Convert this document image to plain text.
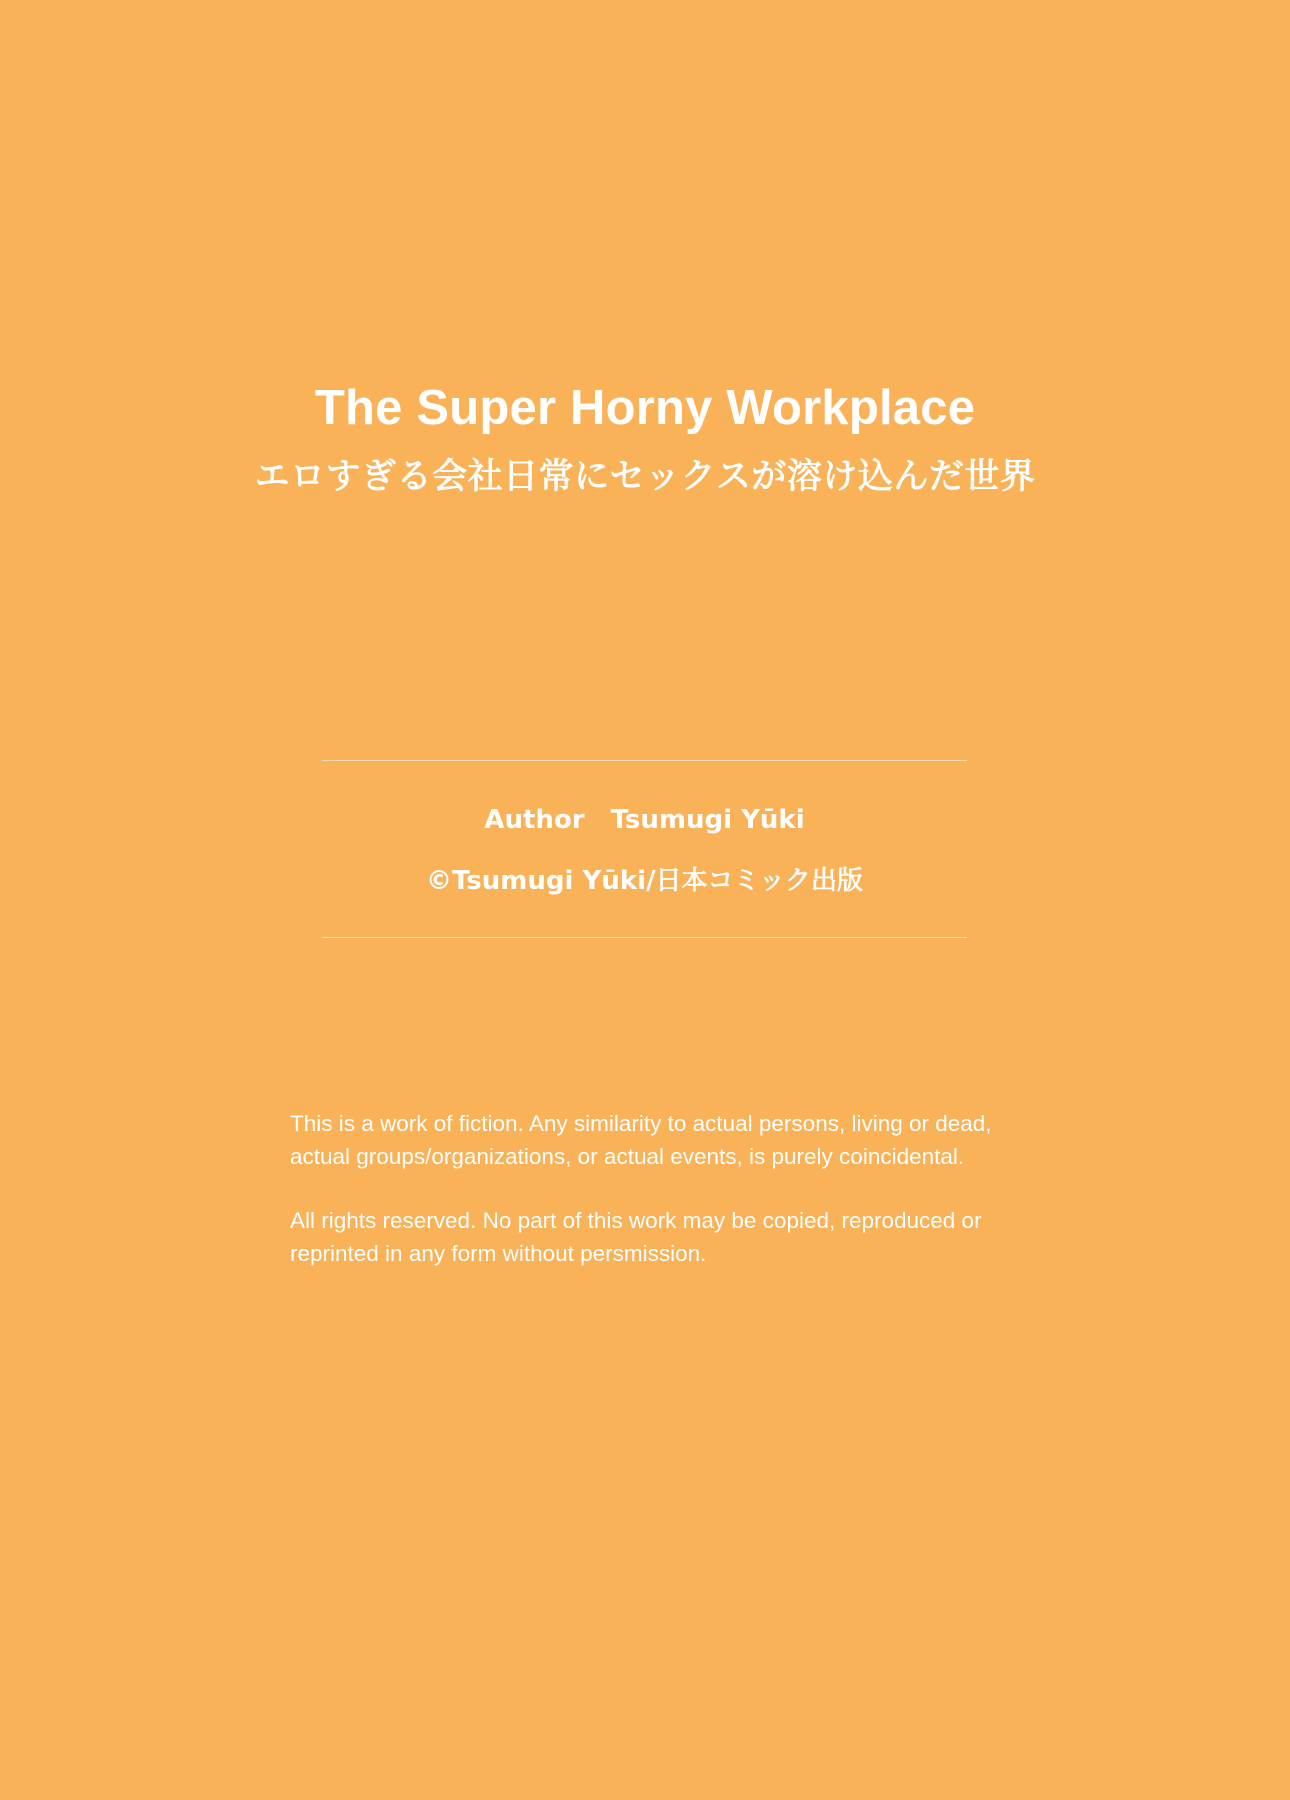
The Super Horny Workplace
エロすぎる会社日常にセックスが溶け込んだ世界

Author　Tsumugi Yūki

©Tsumugi Yūki/日本コミック出版

This is a work of fiction. Any similarity to actual persons, living or dead, actual groups/organizations, or actual events, is purely coincidental.

All rights reserved. No part of this work may be copied, reproduced or reprinted in any form without persmission.
